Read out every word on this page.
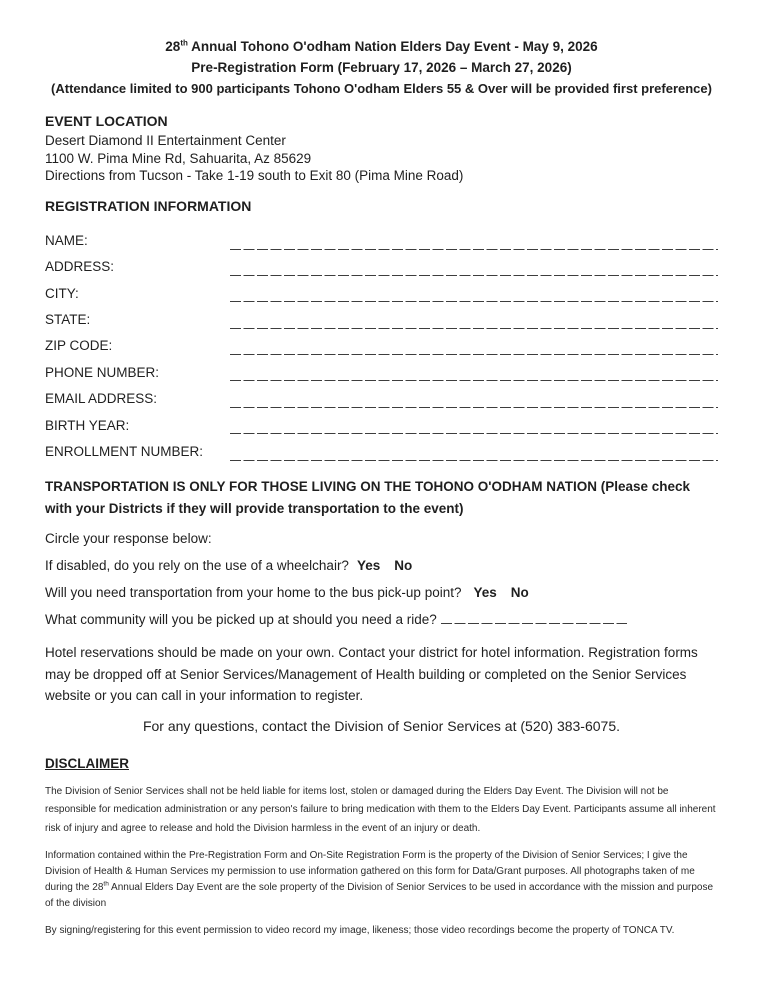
28th Annual Tohono O'odham Nation Elders Day Event - May 9, 2026
Pre-Registration Form (February 17, 2026 – March 27, 2026)
(Attendance limited to 900 participants Tohono O'odham Elders 55 & Over will be provided first preference)

EVENT LOCATION

Desert Diamond II Entertainment Center

1100 W. Pima Mine Rd, Sahuarita, Az 85629

Directions from Tucson - Take 1-19 south to Exit 80 (Pima Mine Road)

REGISTRATION INFORMATION

NAME:
ADDRESS:
CITY:
STATE:
ZIP CODE:
PHONE NUMBER:
EMAIL ADDRESS:
BIRTH YEAR:
ENROLLMENT NUMBER:
TRANSPORTATION IS ONLY FOR THOSE LIVING ON THE TOHONO O'ODHAM NATION (Please check with your Districts if they will provide transportation to the event)
Circle your response below:
If disabled, do you rely on the use of a wheelchair? Yes No
Will you need transportation from your home to the bus pick-up point? Yes No
What community will you be picked up at should you need a ride?
Hotel reservations should be made on your own. Contact your district for hotel information. Registration forms may be dropped off at Senior Services/Management of Health building or completed on the Senior Services website or you can call in your information to register.
For any questions, contact the Division of Senior Services at (520) 383-6075.
DISCLAIMER

The Division of Senior Services shall not be held liable for items lost, stolen or damaged during the Elders Day Event. The Division will not be responsible for medication administration or any person's failure to bring medication with them to the Elders Day Event. Participants assume all inherent risk of injury and agree to release and hold the Division harmless in the event of an injury or death.

Information contained within the Pre-Registration Form and On-Site Registration Form is the property of the Division of Senior Services; I give the Division of Health & Human Services my permission to use information gathered on this form for Data/Grant purposes. All photographs taken of me during the 28th Annual Elders Day Event are the sole property of the Division of Senior Services to be used in accordance with the mission and purpose of the division

By signing/registering for this event permission to video record my image, likeness; those video recordings become the property of TONCA TV.
